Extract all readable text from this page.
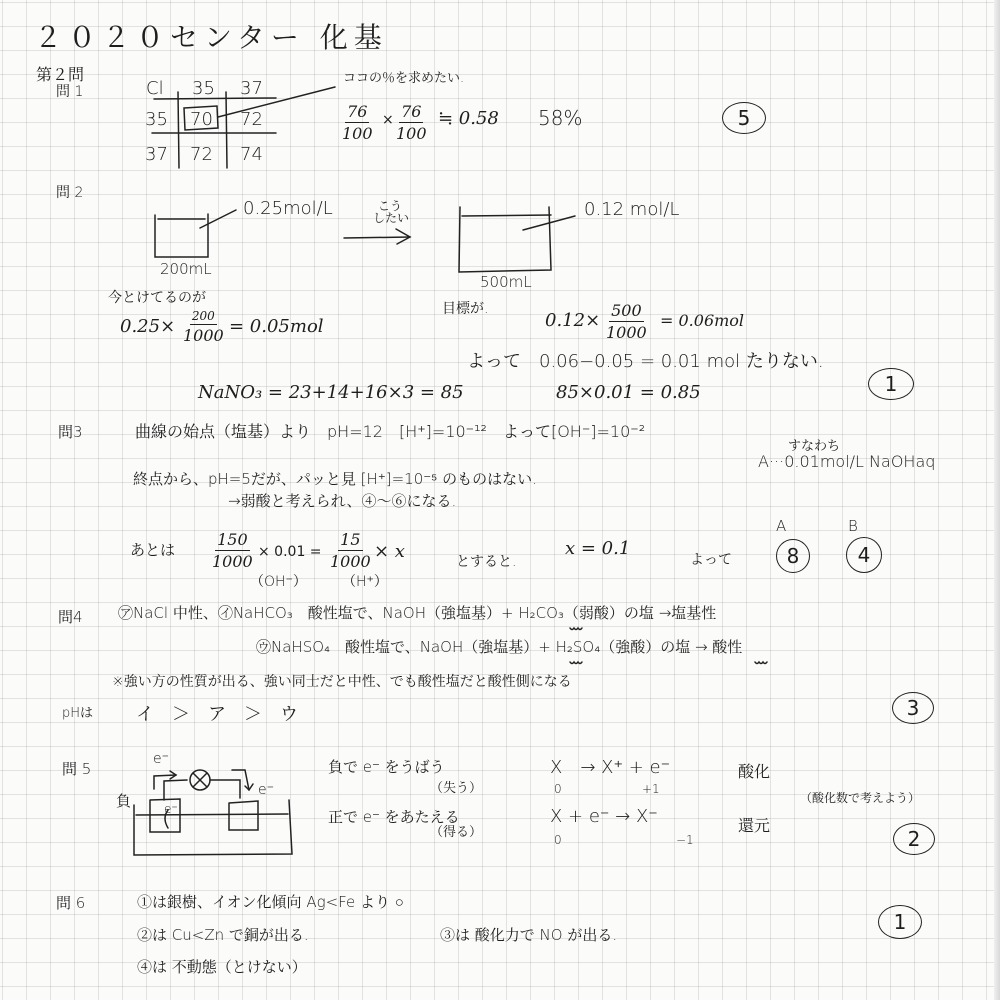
２０２０センター 化基
第２問
問 1	Cl 35 37
35 70 72
37 72 74
ココの％を求めたい.
$\frac{76}{100} \times \frac{76}{100}$ ≒ 0.58 58%	5
問 2
0.25mol/L
200mL
こう
したい	0.12 mol/L
500mL
今とけてるのが
0.25× 200
1000 = 0.05mol
目標が.
$0.12\times \frac{500}{1000} = 0.06mol$
よって　0.06−0.05 = 0.01 mol たりない.
NaNO₃ = 23+14+16×3 = 85	85×0.01 = 0.85	1
問3	曲線の始点（塩基）より　pH=12　[H⁺]=10⁻¹²　よって[OH⁻]=10⁻²
すなわち
A···0.01mol/L NaOHaq
終点から、pH=5だが、パッと見 [H⁺]=10⁻⁵ のものはない.
→弱酸と考えられ、④〜⑥になる.
あとは $\frac{150}{1000} \times 0.01 = \frac{15}{1000} \times x$
（OH⁻）	（H⁺）
とすると.
x = 0.1
よって
A
8
B
4
問4 ㋐NaCl 中性、㋑NaHCO₃　酸性塩で、NaOH（強塩基）+ H₂CO₃（弱酸）の塩 →塩基性
㋒NaHSO₄　酸性塩で、NaOH（強塩基）+ H₂SO₄（強酸）の塩 → 酸性
※強い方の性質が出る、強い同士だと中性、でも酸性塩だと酸性側になる
pHは イ　＞　ア　＞　ウ	3
問 5
e⁻
e⁻
e⁻
負
負で e⁻ をうばう
（失う）
X　→ X⁺ + e⁻
0	+1
酸化
（酸化数で考えよう）
正で e⁻ をあたえる
（得る）
X + e⁻ → X⁻
0	−1
還元
2
問 6	①は銀樹、イオン化傾向 Ag<Fe より ○
②は Cu<Zn で銅が出る.	③は 酸化力で NO が出る.
④は 不動態（とけない）
1
